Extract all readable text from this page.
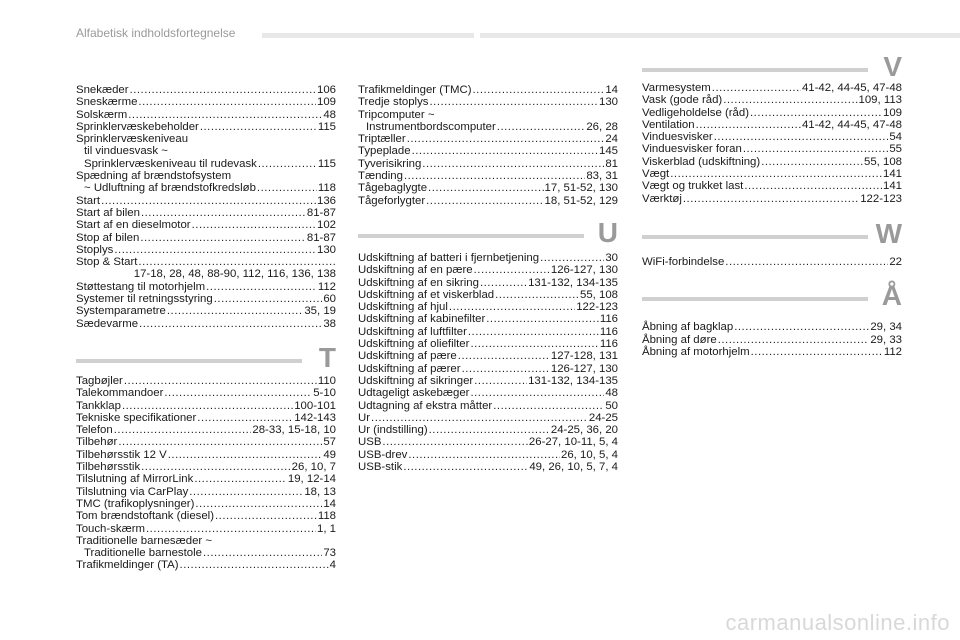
Alfabetisk indholdsfortegnelse
Snekæder .....	106
Sneskærme .....	109
Solskærm .....	48
Sprinklervæskebeholder .....	115
Sprinklervæskeniveau
til vinduesvask ~
Sprinklervæskeniveau til rudevask .....	115
Spædning af brændstofsystem
~ Udluftning af brændstofkredsløb .....	118
Start .....	136
Start af bilen .....	81-87
Start af en dieselmotor .....	102
Stop af bilen .....	81-87
Stoplys .....	130
Stop & Start
.....
17-18, 28, 48, 88-90, 112, 116, 136, 138
Støttestang til motorhjelm .....	112
Systemer til retningsstyring .....	60
Systemparametre .....	35, 19
Sædevarme .....	38
T
Tagbøjler .....	110
Talekommandoer .....	5-10
Tankklap .....	100-101
Tekniske specifikationer .....	142-143
Telefon .....	28-33, 15-18, 10
Tilbehør .....	57
Tilbehørsstik 12 V .....	49
Tilbehørsstik .....	26, 10, 7
Tilslutning af MirrorLink .....	19, 12-14
Tilslutning via CarPlay .....	18, 13
TMC (trafikoplysninger) .....	14
Tom brændstoftank (diesel) .....	118
Touch-skærm .....	1, 1
Traditionelle barnesæder ~
Traditionelle barnestole .....	73
Trafikmeldinger (TA) .....	4
Trafikmeldinger (TMC) .....	14
Tredje stoplys .....	130
Tripcomputer ~
Instrumentbordscomputer .....	26, 28
Triptæller .....	24
Typeplade .....	145
Tyverisikring .....	81
Tænding .....	83, 31
Tågebaglygte .....	17, 51-52, 130
Tågeforlygter .....	18, 51-52, 129
U
Udskiftning af batteri i fjernbetjening .....	30
Udskiftning af en pære .....	126-127, 130
Udskiftning af en sikring .....	131-132, 134-135
Udskiftning af et viskerblad .....	55, 108
Udskiftning af hjul .....	122-123
Udskiftning af kabinefilter .....	116
Udskiftning af luftfilter .....	116
Udskiftning af oliefilter .....	116
Udskiftning af pære .....	127-128, 131
Udskiftning af pærer .....	126-127, 130
Udskiftning af sikringer .....	131-132, 134-135
Udtageligt askebæger .....	48
Udtagning af ekstra måtter .....	50
Ur .....	24-25
Ur (indstilling) .....	24-25, 36, 20
USB .....	26-27, 10-11, 5, 4
USB-drev .....	26, 10, 5, 4
USB-stik .....	49, 26, 10, 5, 7, 4
V
Varmesystem .....	41-42, 44-45, 47-48
Vask (gode råd) .....	109, 113
Vedligeholdelse (råd) .....	109
Ventilation .....	41-42, 44-45, 47-48
Vinduesvisker .....	54
Vinduesvisker foran .....	55
Viskerblad (udskiftning) .....	55, 108
Vægt .....	141
Vægt og trukket last .....	141
Værktøj .....	122-123
W
WiFi-forbindelse .....	22
Å
Åbning af bagklap .....	29, 34
Åbning af døre .....	29, 33
Åbning af motorhjelm .....	112
carmanualsonline.info
